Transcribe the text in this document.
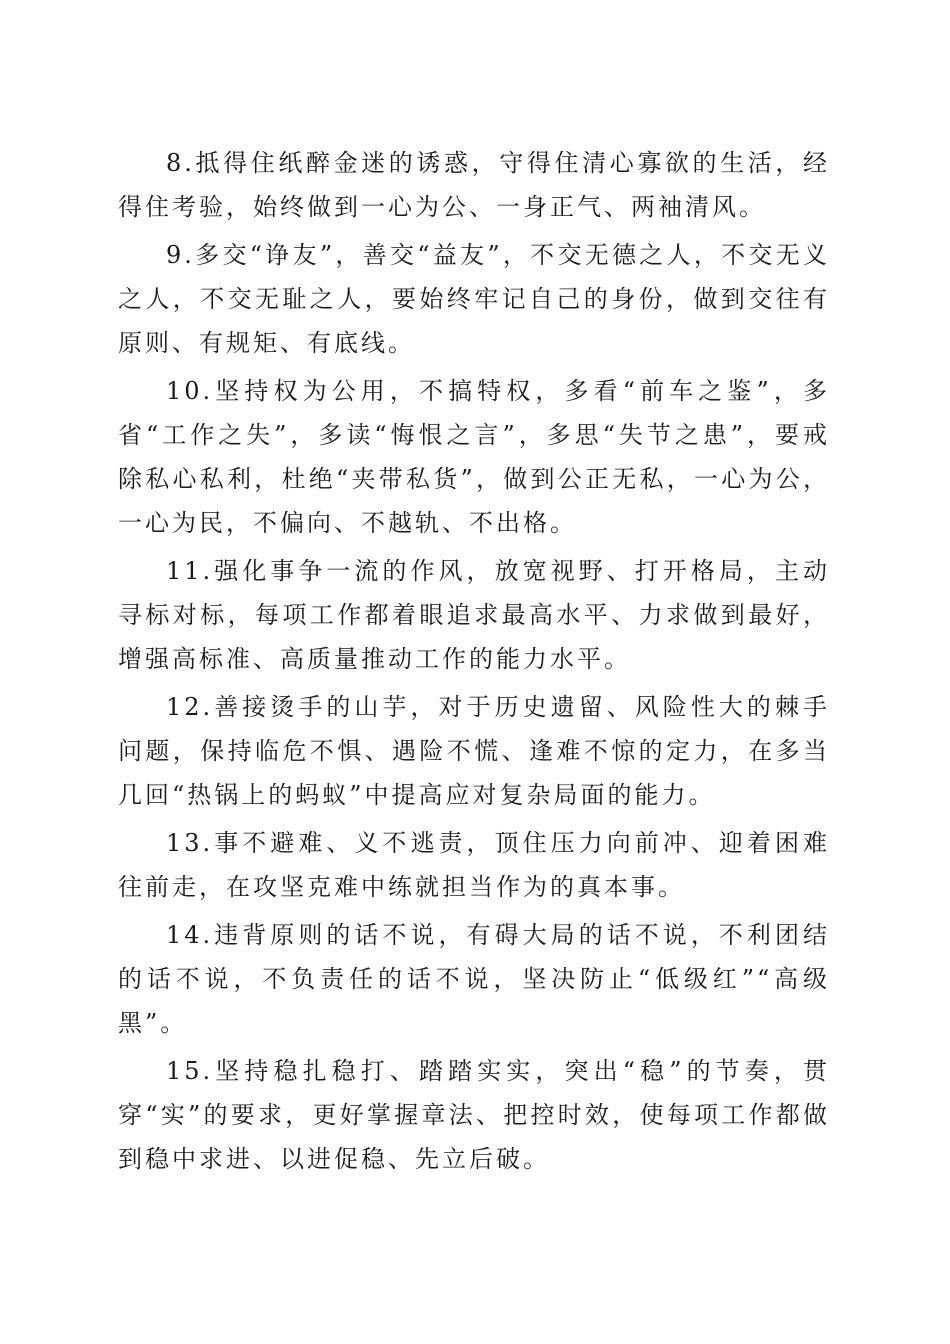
8.抵得住纸醉金迷的诱惑，守得住清心寡欲的生活，经得住考验，始终做到一心为公、一身正气、两袖清风。

9.多交“诤友”，善交“益友”，不交无德之人，不交无义之人，不交无耻之人，要始终牢记自己的身份，做到交往有原则、有规矩、有底线。

10.坚持权为公用，不搞特权，多看“前车之鉴”，多省“工作之失”，多读“悔恨之言”，多思“失节之患”，要戒除私心私利，杜绝“夹带私货”，做到公正无私，一心为公，一心为民，不偏向、不越轨、不出格。

11.强化事争一流的作风，放宽视野、打开格局，主动寻标对标，每项工作都着眼追求最高水平、力求做到最好，增强高标准、高质量推动工作的能力水平。

12.善接烫手的山芋，对于历史遗留、风险性大的棘手问题，保持临危不惧、遇险不慌、逢难不惊的定力，在多当几回“热锅上的蚂蚁”中提高应对复杂局面的能力。

13.事不避难、义不逃责，顶住压力向前冲、迎着困难往前走，在攻坚克难中练就担当作为的真本事。

14.违背原则的话不说，有碍大局的话不说，不利团结的话不说，不负责任的话不说，坚决防止“低级红”“高级黑”。

15.坚持稳扎稳打、踏踏实实，突出“稳”的节奏，贯穿“实”的要求，更好掌握章法、把控时效，使每项工作都做到稳中求进、以进促稳、先立后破。
